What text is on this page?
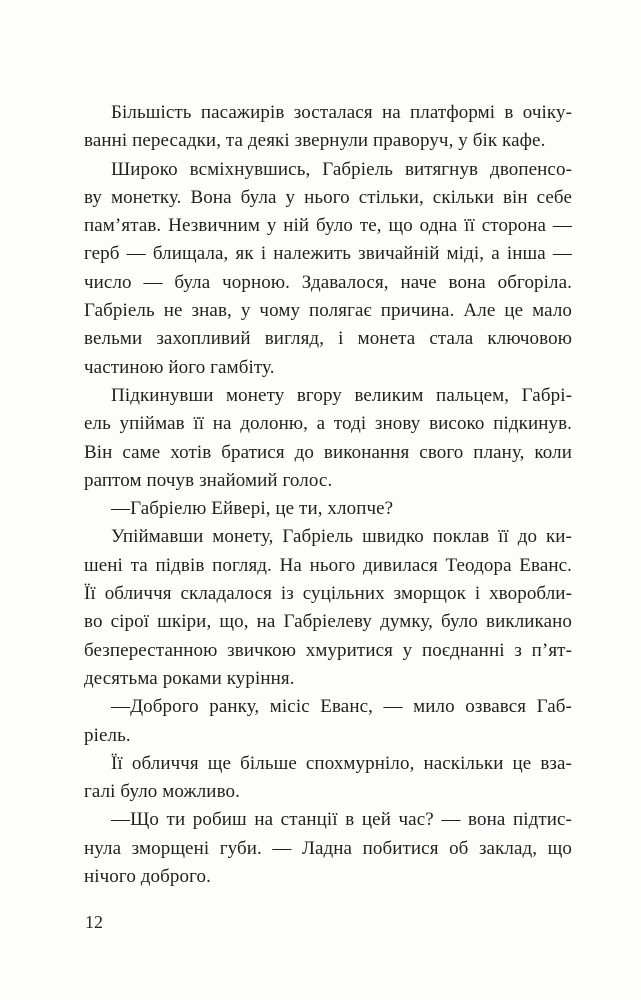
Більшість пасажирів зосталася на платформі в очіку-
ванні пересадки, та деякі звернули праворуч, у бік кафе.
Широко всміхнувшись, Габріель витягнув двопенсо-
ву монетку. Вона була у нього стільки, скільки він себе
пам’ятав. Незвичним у ній було те, що одна її сторона —
герб — блищала, як і належить звичайній міді, а інша —
число — була чорною. Здавалося, наче вона обгоріла.
Габріель не знав, у чому полягає причина. Але це мало
вельми захопливий вигляд, і монета стала ключовою
частиною його гамбіту.
Підкинувши монету вгору великим пальцем, Габрі-
ель упіймав її на долоню, а тоді знову високо підкинув.
Він саме хотів братися до виконання свого плану, коли
раптом почув знайомий голос.
—Габріелю Ейвері, це ти, хлопче?
Упіймавши монету, Габріель швидко поклав її до ки-
шені та підвів погляд. На нього дивилася Теодора Еванс.
Її обличчя складалося із суцільних зморщок і хворобли-
во сірої шкіри, що, на Габріелеву думку, було викликано
безперестанною звичкою хмуритися у поєднанні з п’ят-
десятьма роками куріння.
—Доброго ранку, місіс Еванс, — мило озвався Габ-
ріель.
Її обличчя ще більше спохмурніло, наскільки це вза-
галі було можливо.
—Що ти робиш на станції в цей час? — вона підтис-
нула зморщені губи. — Ладна побитися об заклад, що
нічого доброго.
12
